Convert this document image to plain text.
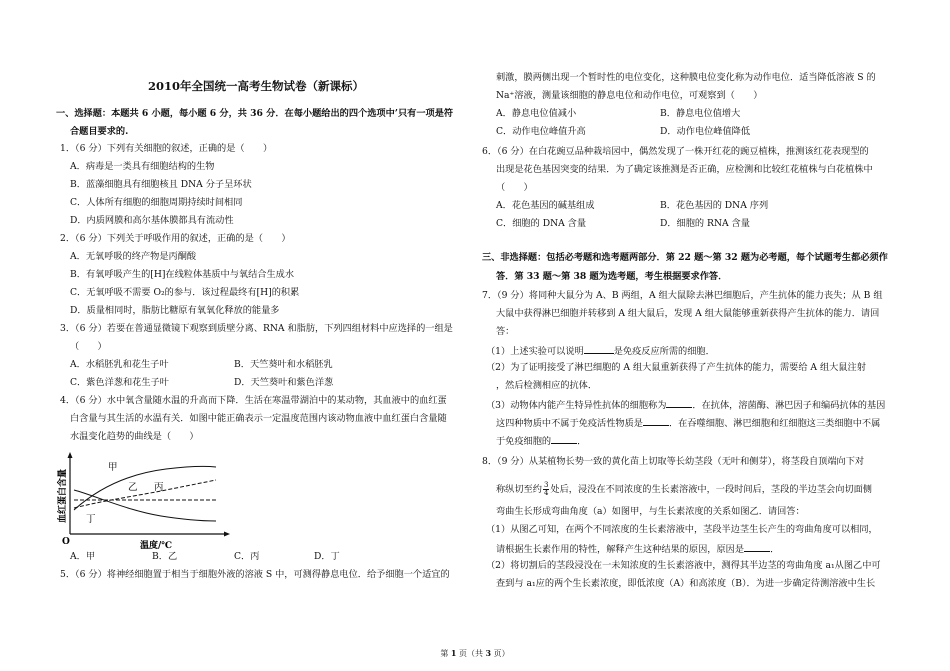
2010年全国统一高考生物试卷（新课标）
一、选择题：本题共 6 小题，每小题 6 分，共 36 分．在每小题给出的四个选项中’只有一项是符
合题目要求的.
1．（6 分）下列有关细胞的叙述，正确的是（　　）
A．病毒是一类具有细胞结构的生物
B．蓝藻细胞具有细胞核且 DNA 分子呈环状
C．人体所有细胞的细胞周期持续时间相同
D．内质网膜和高尔基体膜都具有流动性
2．（6 分）下列关于呼吸作用的叙述，正确的是（　　）
A．无氧呼吸的终产物是丙酮酸
B．有氧呼吸产生的[H]在线粒体基质中与氧结合生成水
C．无氧呼吸不需要 O₂的参与．该过程最终有[H]的积累
D．质量相同时，脂肪比糖原有氧氧化释放的能量多
3．（6 分）若要在普通显微镜下观察到质壁分离、RNA 和脂肪，下列四组材料中应选择的一组是
（　　）
A．水稻胚乳和花生子叶	B．天竺葵叶和水稻胚乳
C．紫色洋葱和花生子叶	D．天竺葵叶和紫色洋葱
4．（6 分）水中氧含量随水温的升高而下降．生活在寒温带湖泊中的某动物，其血液中的血红蛋
白含量与其生活的水温有关．如图中能正确表示一定温度范围内该动物血液中血红蛋白含量随
水温变化趋势的曲线是（　　）
血红蛋白含量
O	温度/℃
甲
乙 丙
丁
A．甲	B．乙	C．丙	D．丁
5．（6 分）将神经细胞置于相当于细胞外液的溶液 S 中，可测得静息电位．给予细胞一个适宜的
刺激，膜两侧出现一个暂时性的电位变化，这种膜电位变化称为动作电位．适当降低溶液 S 的
Na⁺溶液，测量该细胞的静息电位和动作电位，可观察到（　　）
A．静息电位值减小	B．静息电位值增大
C．动作电位峰值升高	D．动作电位峰值降低
6．（6 分）在白花豌豆品种栽培园中，偶然发现了一株开红花的豌豆植株，推测该红花表现型的
出现是花色基因突变的结果．为了确定该推测是否正确，应检测和比较红花植株与白花植株中
（　　）
A．花色基因的碱基组成	B．花色基因的 DNA 序列
C．细胞的 DNA 含量	D．细胞的 RNA 含量
三、非选择题：包括必考题和选考题两部分．第 22 题～第 32 题为必考题，每个试题考生都必须作
答．第 33 题～第 38 题为选考题，考生根据要求作答．
7．（9 分）将同种大鼠分为 A、B 两组，A 组大鼠除去淋巴细胞后，产生抗体的能力丧失；从 B 组
大鼠中获得淋巴细胞并转移到 A 组大鼠后，发现 A 组大鼠能够重新获得产生抗体的能力．请回
答：
（1）上述实验可以说明	是免疫反应所需的细胞．
（2）为了证明接受了淋巴细胞的 A 组大鼠重新获得了产生抗体的能力，需要给 A 组大鼠注射
，然后检测相应的抗体．
（3）动物体内能产生特异性抗体的细胞称为	．在抗体，溶菌酶、淋巴因子和编码抗体的基因
这四种物质中不属于免疫活性物质是	．在吞噬细胞、淋巴细胞和红细胞这三类细胞中不属
于免疫细胞的	．
8．（9 分）从某植物长势一致的黄化苗上切取等长幼茎段（无叶和侧芽），将茎段自顶端向下对
称纵切至约 $\frac{3}{4}$ 处后，浸没在不同浓度的生长素溶液中，一段时间后，茎段的半边茎会向切面侧
弯曲生长形成弯曲角度（a）如图甲，与生长素浓度的关系如图乙．请回答：
（1）从图乙可知，在两个不同浓度的生长素溶液中，茎段半边茎生长产生的弯曲角度可以相同，
请根据生长素作用的特性，解释产生这种结果的原因，原因是	．
（2）将切割后的茎段浸没在一未知浓度的生长素溶液中，测得其半边茎的弯曲角度 a₁从图乙中可
查到与 a₁应的两个生长素浓度，即低浓度（A）和高浓度（B）．为进一步确定待测溶液中生长
第 1 页（共 3 页）
